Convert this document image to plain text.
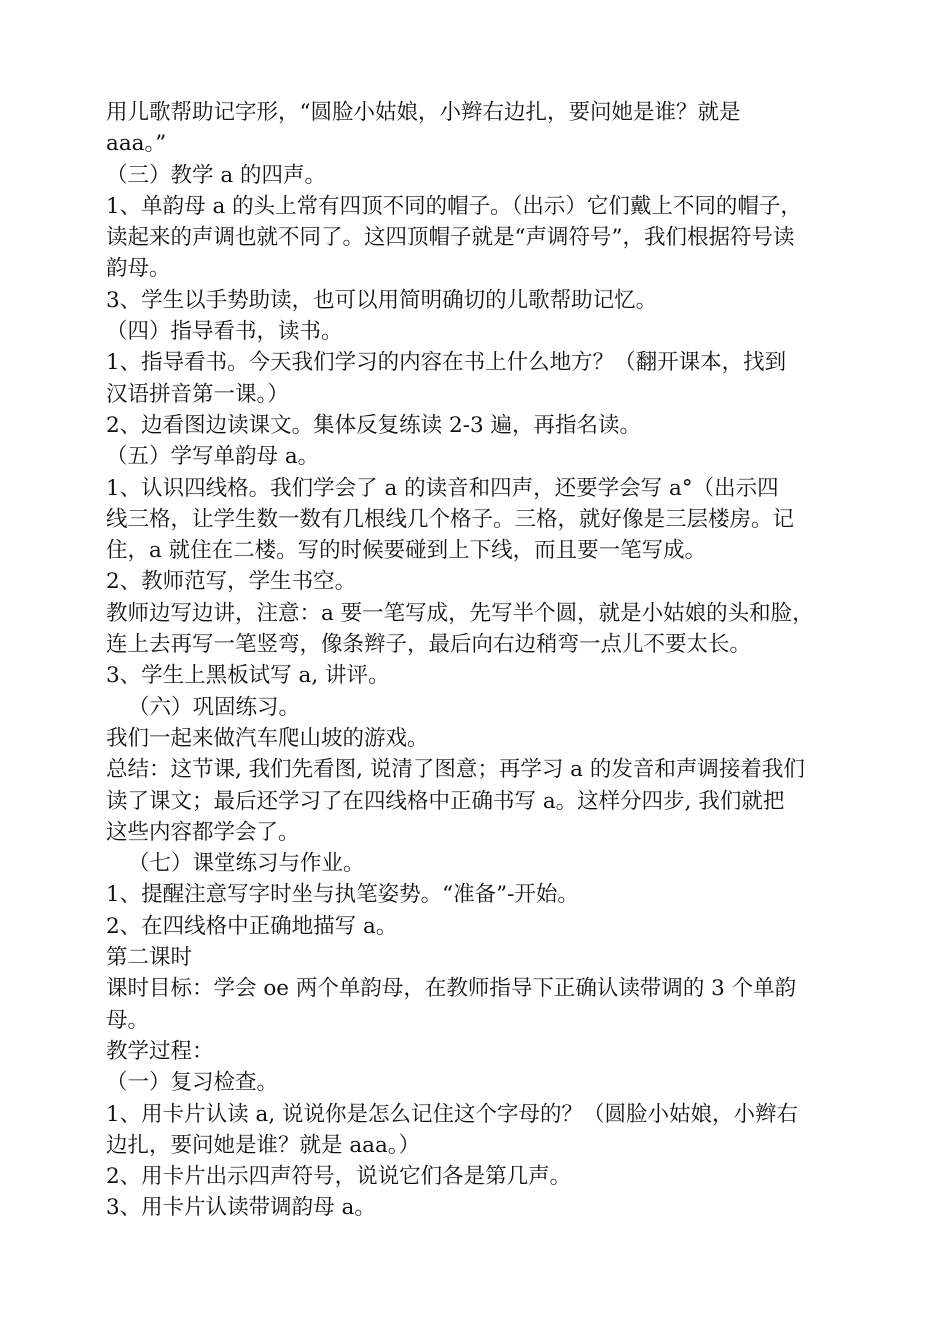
用儿歌帮助记字形，“圆脸小姑娘，小辫右边扎，要问她是谁？就是
aaa。”
（三）教学 a 的四声。
1、单韵母 a 的头上常有四顶不同的帽子。（出示）它们戴上不同的帽子，
读起来的声调也就不同了。这四顶帽子就是“声调符号”，我们根据符号读
韵母。
3、学生以手势助读，也可以用简明确切的儿歌帮助记忆。
（四）指导看书，读书。
1、指导看书。今天我们学习的内容在书上什么地方？（翻开课本，找到
汉语拼音第一课。）
2、边看图边读课文。集体反复练读 2-3 遍，再指名读。
（五）学写单韵母 a。
1、认识四线格。我们学会了 a 的读音和四声，还要学会写 a°（出示四
线三格，让学生数一数有几根线几个格子。三格，就好像是三层楼房。记
住，a 就住在二楼。写的时候要碰到上下线，而且要一笔写成。
2、教师范写，学生书空。
教师边写边讲，注意：a 要一笔写成，先写半个圆，就是小姑娘的头和脸，
连上去再写一笔竖弯，像条辫子，最后向右边稍弯一点儿不要太长。
3、学生上黑板试写 a, 讲评。
（六）巩固练习。
我们一起来做汽车爬山坡的游戏。
总结：这节课, 我们先看图, 说清了图意；再学习 a 的发音和声调接着我们
读了课文；最后还学习了在四线格中正确书写 a。这样分四步, 我们就把
这些内容都学会了。
（七）课堂练习与作业。
1、提醒注意写字时坐与执笔姿势。“准备”-开始。
2、在四线格中正确地描写 a。
第二课时
课时目标：学会 oe 两个单韵母，在教师指导下正确认读带调的 3 个单韵
母。
教学过程：
（一）复习检查。
1、用卡片认读 a, 说说你是怎么记住这个字母的？（圆脸小姑娘，小辫右
边扎，要问她是谁？就是 aaa。）
2、用卡片出示四声符号，说说它们各是第几声。
3、用卡片认读带调韵母 a。
